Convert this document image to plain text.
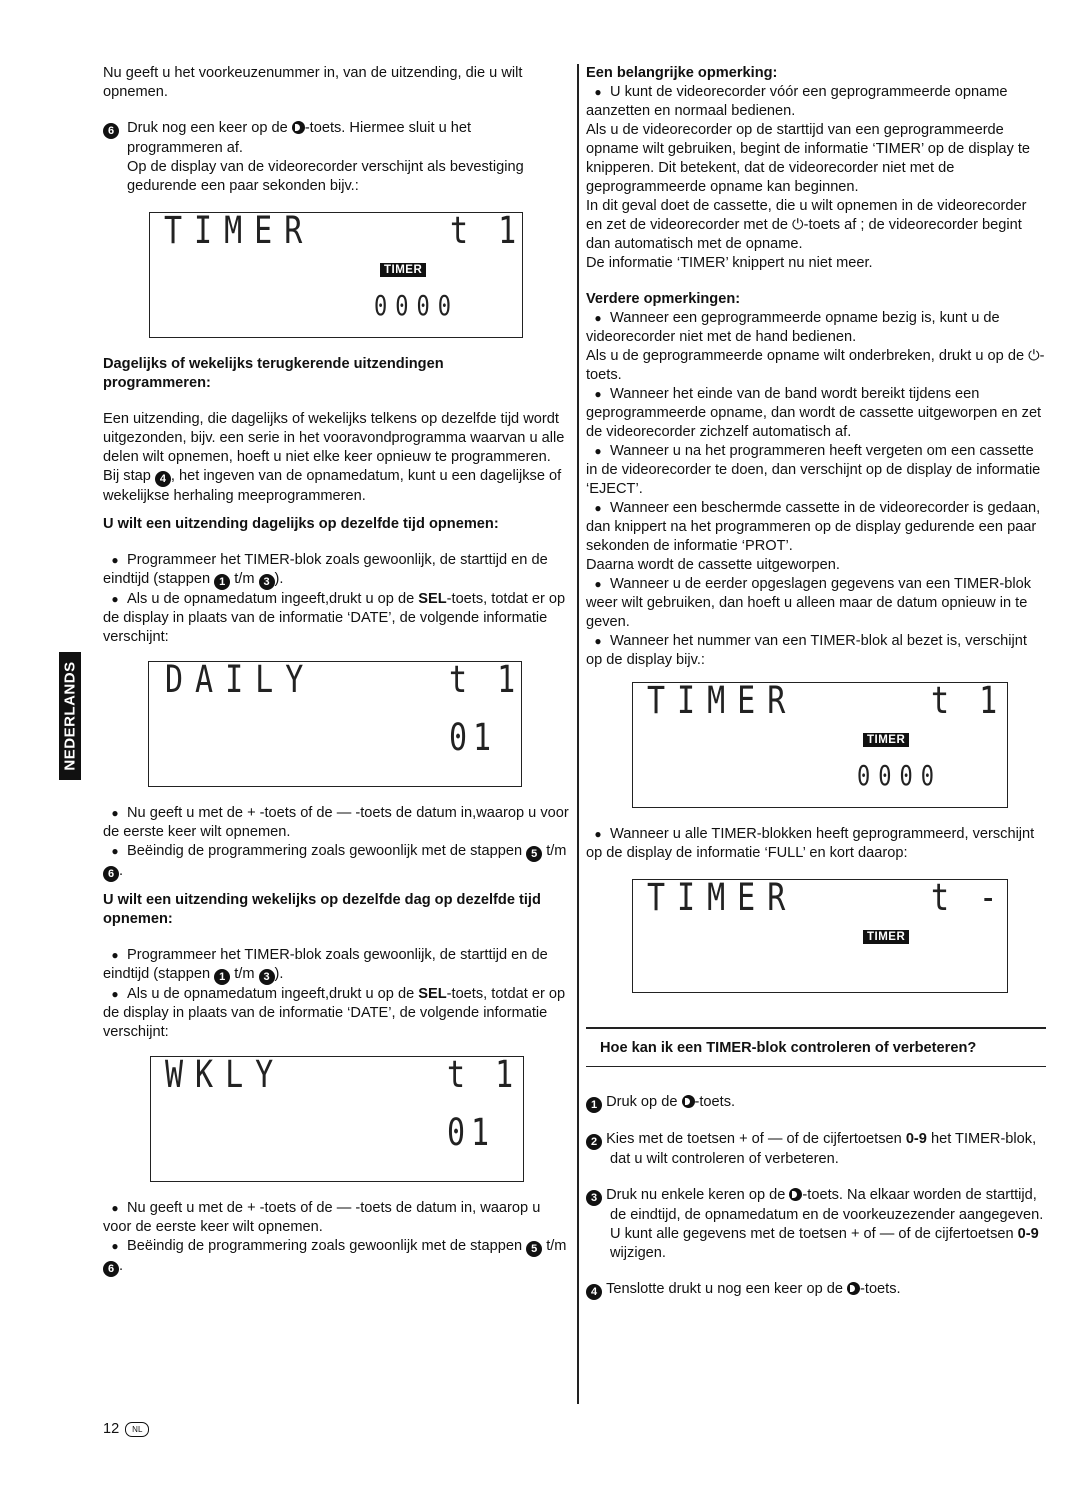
NEDERLANDS

Nu geeft u het voorkeuzenummer in, van de uitzending, die u wilt opnemen.

6 Druk nog een keer op de -toets. Hiermee sluit u het programmeren af.

Op de display van de videorecorder verschijnt als bevestiging gedurende een paar sekonden bijv.:

TIMER	t 1
TIMER
0000

Dagelijks of wekelijks terugkerende uitzendingen programmeren:

Een uitzending, die dagelijks of wekelijks telkens op dezelfde tijd wordt uitgezonden, bijv. een serie in het vooravondprogramma waarvan u alle delen wilt opnemen, hoeft u niet elke keer opnieuw te programmeren.

Bij stap 4 , het ingeven van de opnamedatum, kunt u een dagelijkse of wekelijkse herhaling meeprogrammeren.

U wilt een uitzending dagelijks op dezelfde tijd opnemen:

● Programmeer het TIMER-blok zoals gewoonlijk, de starttijd en de eindtijd (stappen 1 t/m 3 ).

● Als u de opnamedatum ingeeft,drukt u op de SEL-toets, totdat er op de display in plaats van de informatie ‘DATE’, de volgende informatie verschijnt:

DAILY	t 1
01

● Nu geeft u met de + -toets of de — -toets de datum in,waarop u voor de eerste keer wilt opnemen.

● Beëindig de programmering zoals gewoonlijk met de stappen 5 t/m 6 .

U wilt een uitzending wekelijks op dezelfde dag op dezelfde tijd opnemen:

● Programmeer het TIMER-blok zoals gewoonlijk, de starttijd en de eindtijd (stappen 1 t/m 3 ).

● Als u de opnamedatum ingeeft,drukt u op de SEL-toets, totdat er op de display in plaats van de informatie ‘DATE’, de volgende informatie verschijnt:

WKLY	t 1
01

● Nu geeft u met de + -toets of de — -toets de datum in, waarop u voor de eerste keer wilt opnemen.

● Beëindig de programmering zoals gewoonlijk met de stappen 5 t/m 6 .

Een belangrijke opmerking:

● U kunt de videorecorder vóór een geprogrammeerde opname aanzetten en normaal bedienen.

Als u de videorecorder op de starttijd van een geprogrammeerde opname wilt gebruiken, begint de informatie ‘TIMER’ op de display te knipperen. Dit betekent, dat de videorecorder niet met de geprogrammeerde opname kan beginnen.

In dit geval doet de cassette, die u wilt opnemen in de videorecorder en zet de videorecorder met de ⏻-toets af ; de videorecorder begint dan automatisch met de opname.

De informatie ‘TIMER’ knippert nu niet meer.

Verdere opmerkingen:

● Wanneer een geprogrammeerde opname bezig is, kunt u de videorecorder niet met de hand bedienen.

Als u de geprogrammeerde opname wilt onderbreken, drukt u op de ⏻-toets.

● Wanneer het einde van de band wordt bereikt tijdens een geprogrammeerde opname, dan wordt de cassette uitgeworpen en zet de videorecorder zichzelf automatisch af.

● Wanneer u na het programmeren heeft vergeten om een cassette in de videorecorder te doen, dan verschijnt op de display de informatie ‘EJECT’.

● Wanneer een beschermde cassette in de videorecorder is gedaan, dan knippert na het programmeren op de display gedurende een paar sekonden de informatie ‘PROT’.

Daarna wordt de cassette uitgeworpen.

● Wanneer u de eerder opgeslagen gegevens van een TIMER-blok weer wilt gebruiken, dan hoeft u alleen maar de datum opnieuw in te geven.

● Wanneer het nummer van een TIMER-blok al bezet is, verschijnt op de display bijv.:

TIMER	t 1
TIMER
0000

● Wanneer u alle TIMER-blokken heeft geprogrammeerd, verschijnt op de display de informatie ‘FULL’ en kort daarop:

TIMER	t -
TIMER

Hoe kan ik een TIMER-blok controleren of verbeteren?

1 Druk op de -toets.

2 Kies met de toetsen + of — of de cijfertoetsen 0-9 het TIMER-blok, dat u wilt controleren of verbeteren.

3 Druk nu enkele keren op de -toets. Na elkaar worden de starttijd, de eindtijd, de opnamedatum en de voorkeuzezender aangegeven.

U kunt alle gegevens met de toetsen + of — of de cijfertoetsen 0-9 wijzigen.

4 Tenslotte drukt u nog een keer op de -toets.

12 NL
